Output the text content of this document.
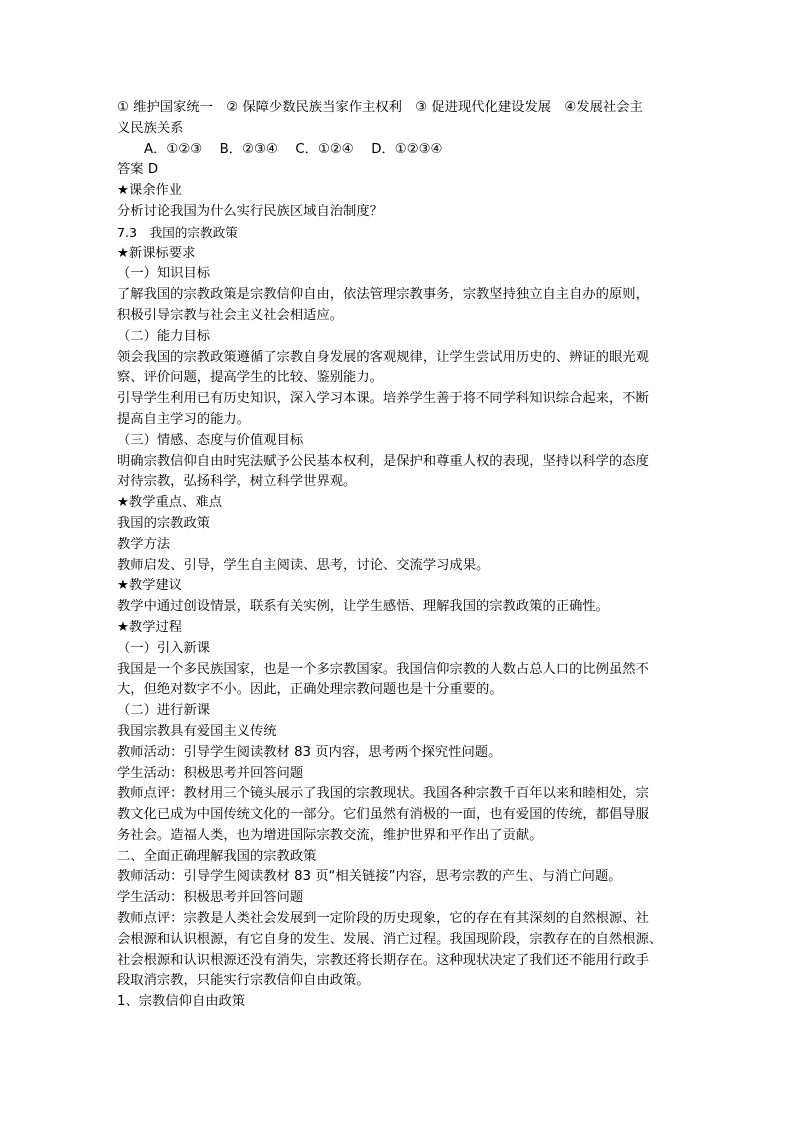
① 维护国家统一　② 保障少数民族当家作主权利　③ 促进现代化建设发展　④发展社会主

义民族关系

A．①②③　 B．②③④　 C．①②④　 D．①②③④

答案 D

★课余作业

分析讨论我国为什么实行民族区域自治制度？

7.3　我国的宗教政策

★新课标要求

（一）知识目标

了解我国的宗教政策是宗教信仰自由，依法管理宗教事务，宗教坚持独立自主自办的原则，

积极引导宗教与社会主义社会相适应。

（二）能力目标

领会我国的宗教政策遵循了宗教自身发展的客观规律，让学生尝试用历史的、辨证的眼光观

察、评价问题，提高学生的比较、鉴别能力。

引导学生利用已有历史知识，深入学习本课。培养学生善于将不同学科知识综合起来，不断

提高自主学习的能力。

（三）情感、态度与价值观目标

明确宗教信仰自由时宪法赋予公民基本权利，是保护和尊重人权的表现，坚持以科学的态度

对待宗教，弘扬科学，树立科学世界观。

★教学重点、难点

我国的宗教政策

教学方法

教师启发、引导，学生自主阅读、思考，讨论、交流学习成果。

★教学建议

教学中通过创设情景，联系有关实例，让学生感悟、理解我国的宗教政策的正确性。

★教学过程

（一）引入新课

我国是一个多民族国家，也是一个多宗教国家。我国信仰宗教的人数占总人口的比例虽然不

大，但绝对数字不小。因此，正确处理宗教问题也是十分重要的。

（二）进行新课

我国宗教具有爱国主义传统

教师活动：引导学生阅读教材 83 页内容，思考两个探究性问题。

学生活动：积极思考并回答问题

教师点评：教材用三个镜头展示了我国的宗教现状。我国各种宗教千百年以来和睦相处，宗

教文化已成为中国传统文化的一部分。它们虽然有消极的一面，也有爱国的传统，都倡导服

务社会。造福人类，也为增进国际宗教交流，维护世界和平作出了贡献。

二、全面正确理解我国的宗教政策

教师活动：引导学生阅读教材 83 页“相关链接”内容，思考宗教的产生、与消亡问题。

学生活动：积极思考并回答问题

教师点评：宗教是人类社会发展到一定阶段的历史现象，它的存在有其深刻的自然根源、社

会根源和认识根源，有它自身的发生、发展、消亡过程。我国现阶段，宗教存在的自然根源、

社会根源和认识根源还没有消失，宗教还将长期存在。这种现状决定了我们还不能用行政手

段取消宗教，只能实行宗教信仰自由政策。

1、宗教信仰自由政策
